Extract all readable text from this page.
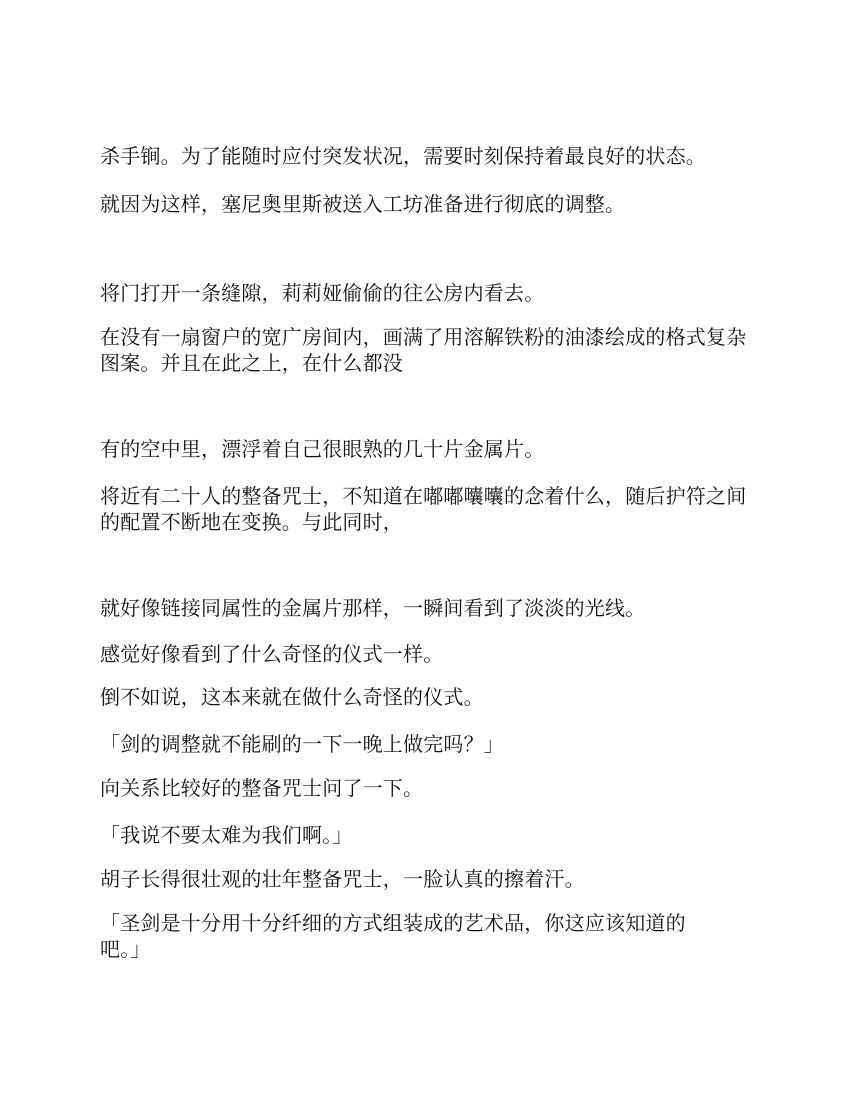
杀手锏。为了能随时应付突发状况，需要时刻保持着最良好的状态。

就因为这样，塞尼奥里斯被送入工坊准备进行彻底的调整。

将门打开一条缝隙，莉莉娅偷偷的往公房内看去。

在没有一扇窗户的宽广房间内，画满了用溶解铁粉的油漆绘成的格式复杂图案。并且在此之上，在什么都没

有的空中里，漂浮着自己很眼熟的几十片金属片。

将近有二十人的整备咒士，不知道在嘟嘟囔囔的念着什么，随后护符之间的配置不断地在变换。与此同时，

就好像链接同属性的金属片那样，一瞬间看到了淡淡的光线。

感觉好像看到了什么奇怪的仪式一样。

倒不如说，这本来就在做什么奇怪的仪式。

「剑的调整就不能刷的一下一晚上做完吗？」

向关系比较好的整备咒士问了一下。

「我说不要太难为我们啊。」

胡子长得很壮观的壮年整备咒士，一脸认真的擦着汗。

「圣剑是十分用十分纤细的方式组装成的艺术品，你这应该知道的吧。」
